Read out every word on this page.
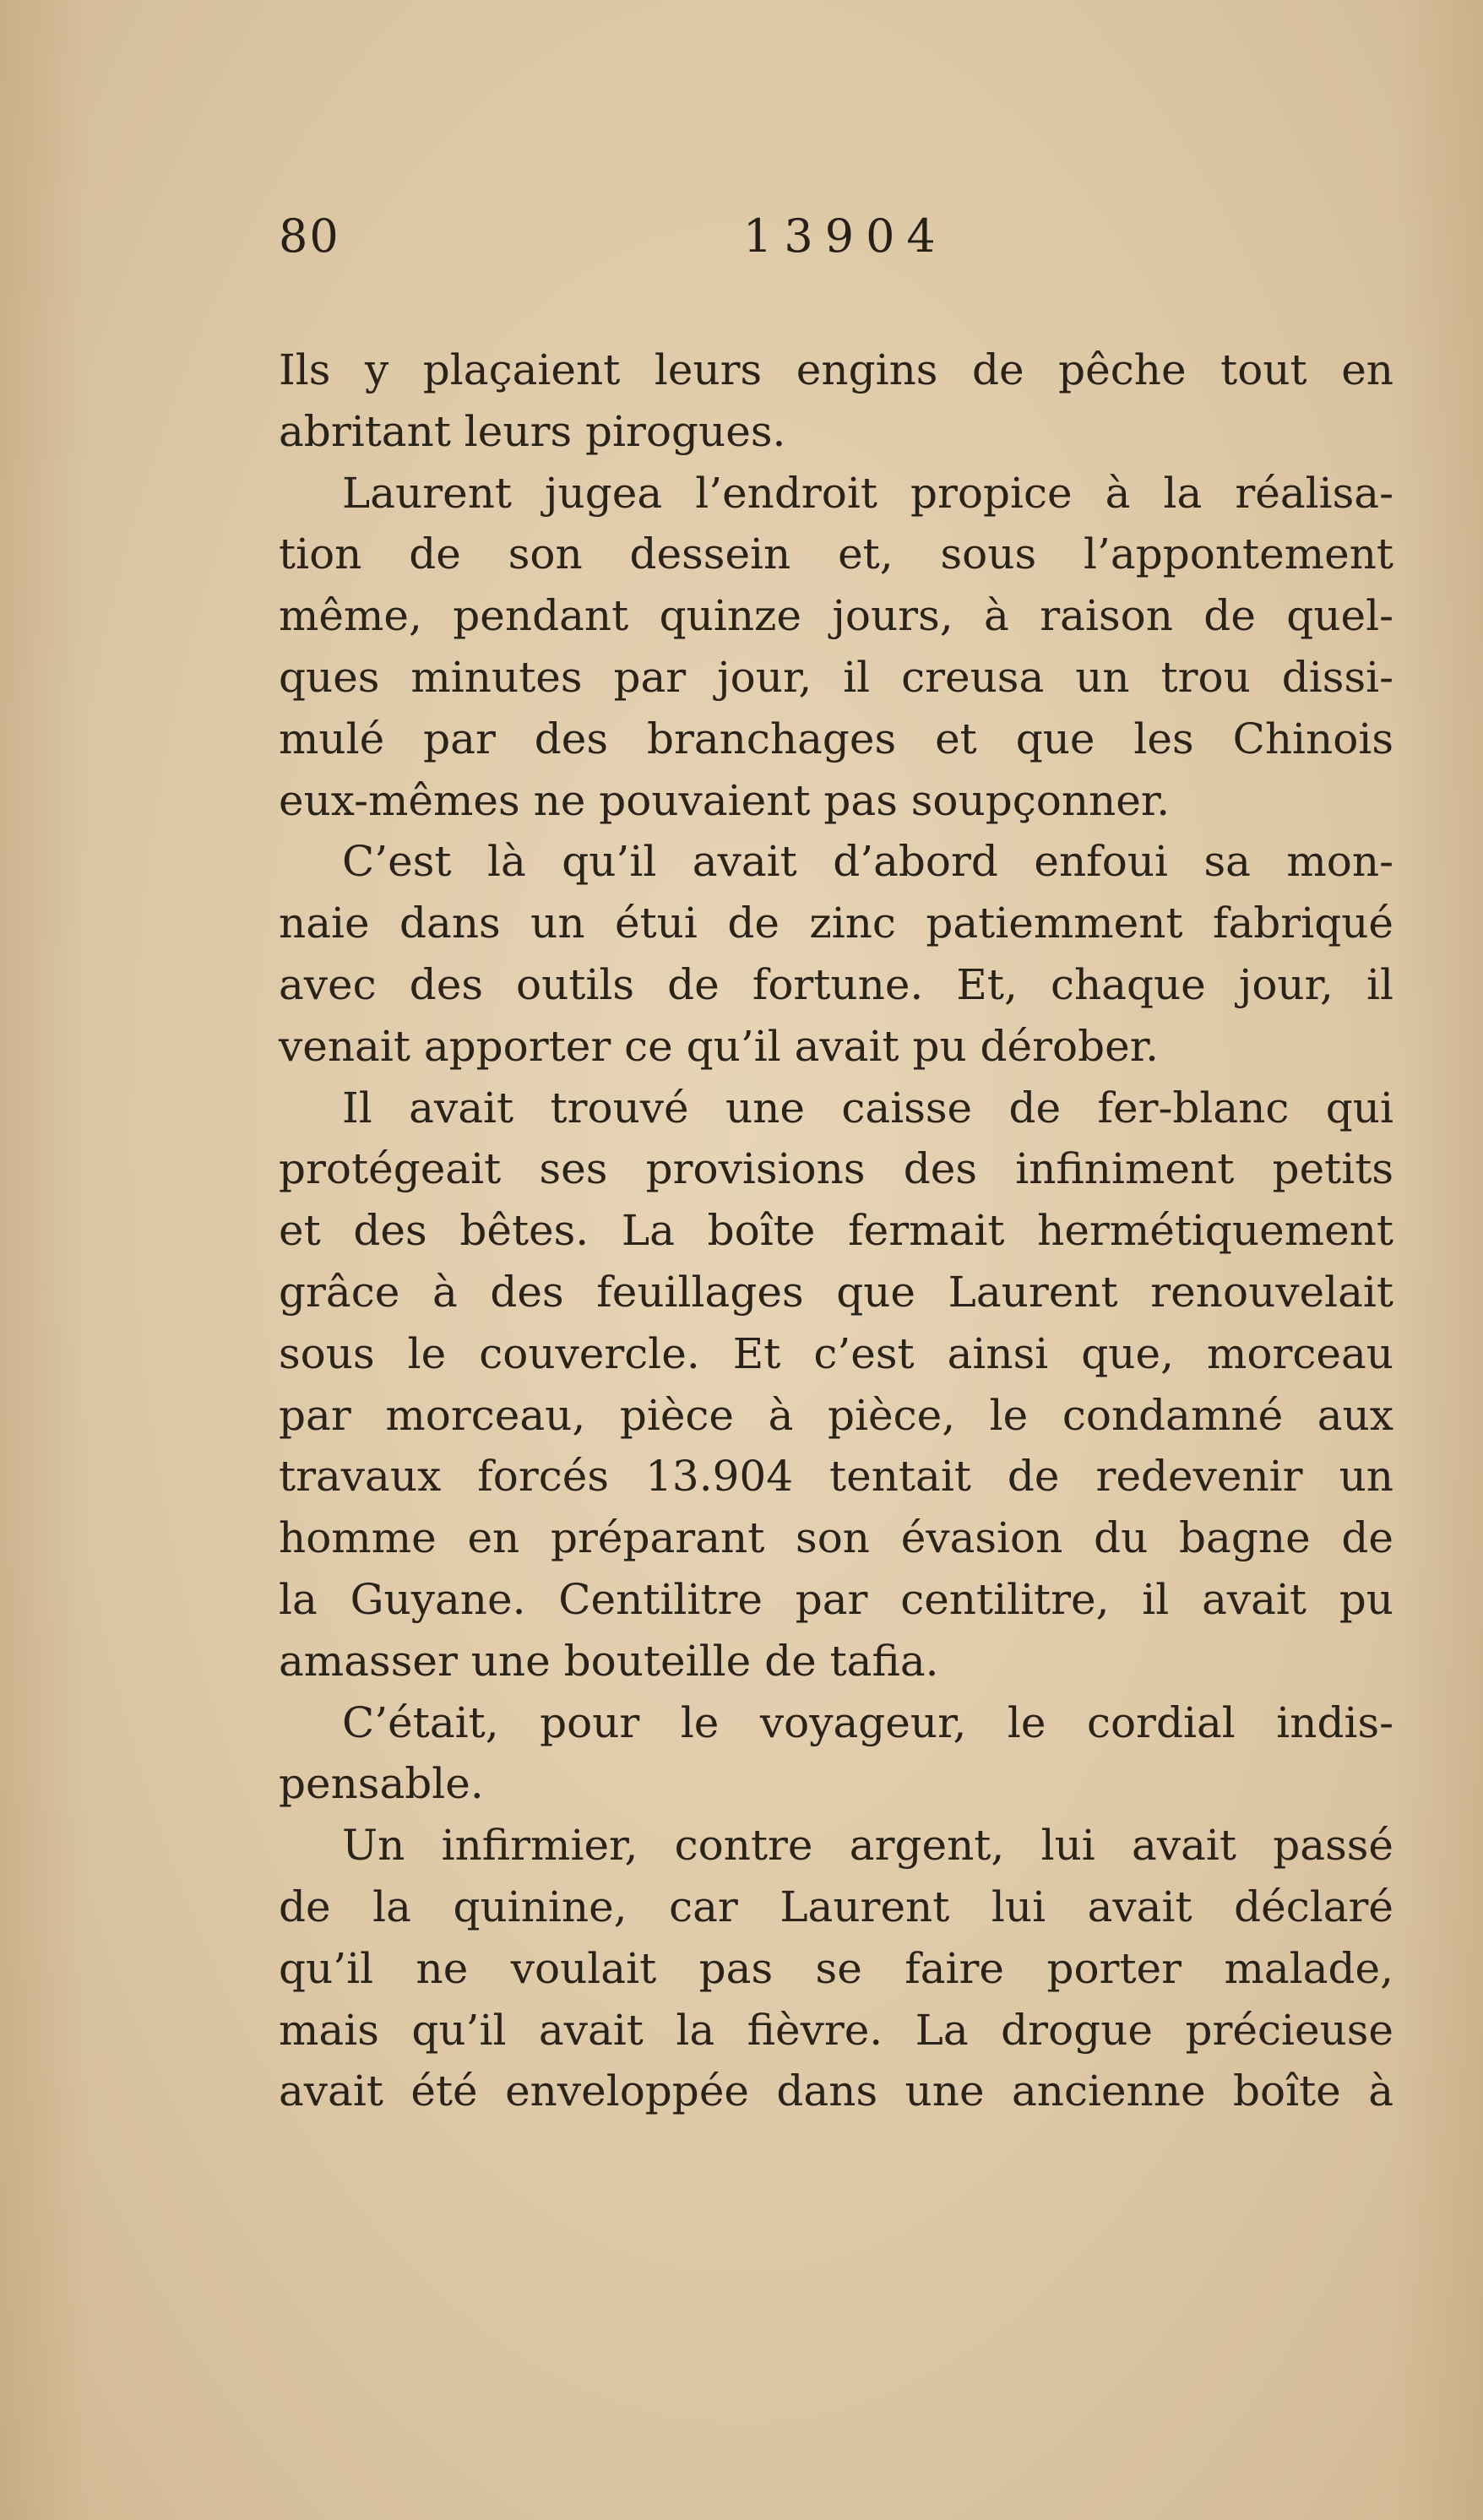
80	13904
Ils y plaçaient leurs engins de pêche tout en
abritant leurs pirogues.
Laurent jugea l’endroit propice à la réalisa-
tion de son dessein et, sous l’appontement
même, pendant quinze jours, à raison de quel-
ques minutes par jour, il creusa un trou dissi-
mulé par des branchages et que les Chinois
eux-mêmes ne pouvaient pas soupçonner.
C’est là qu’il avait d’abord enfoui sa mon-
naie dans un étui de zinc patiemment fabriqué
avec des outils de fortune. Et, chaque jour, il
venait apporter ce qu’il avait pu dérober.
Il avait trouvé une caisse de fer-blanc qui
protégeait ses provisions des infiniment petits
et des bêtes. La boîte fermait hermétiquement
grâce à des feuillages que Laurent renouvelait
sous le couvercle. Et c’est ainsi que, morceau
par morceau, pièce à pièce, le condamné aux
travaux forcés 13.904 tentait de redevenir un
homme en préparant son évasion du bagne de
la Guyane. Centilitre par centilitre, il avait pu
amasser une bouteille de tafia.
C’était, pour le voyageur, le cordial indis-
pensable.
Un infirmier, contre argent, lui avait passé
de la quinine, car Laurent lui avait déclaré
qu’il ne voulait pas se faire porter malade,
mais qu’il avait la fièvre. La drogue précieuse
avait été enveloppée dans une ancienne boîte à
